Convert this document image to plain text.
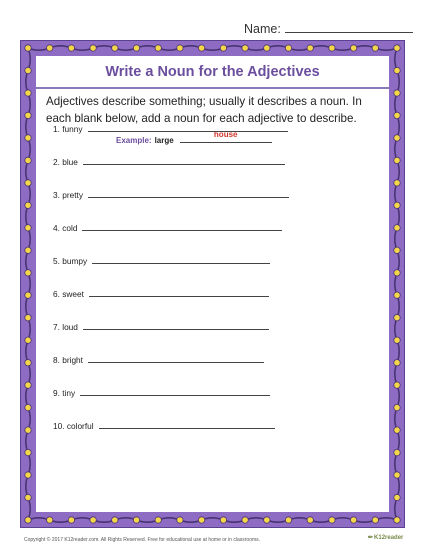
Name:
Write a Noun for the Adjectives
Adjectives describe something; usually it describes a noun. In each blank below, add a noun for each adjective to describe.
Example: large
house
1. funny
2. blue
3. pretty
4. cold
5. bumpy
6. sweet
7. loud
8. bright
9. tiny
10. colorful
Copyright © 2017 K12reader.com. All Rights Reserved. Free for educational use at home or in classrooms.	✏K12reader
